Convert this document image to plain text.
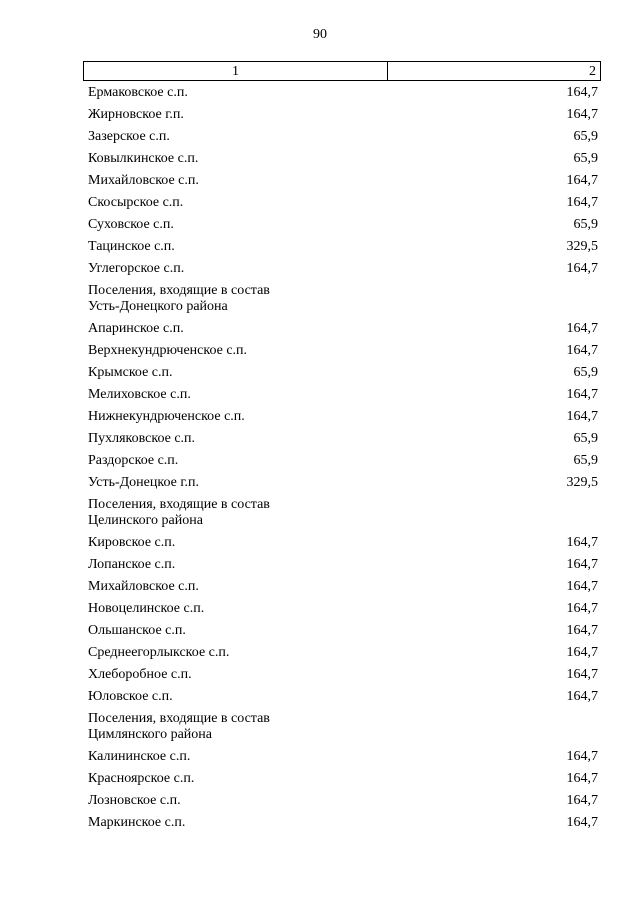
90
1	2
Ермаковское с.п.	164,7
Жирновское г.п.	164,7
Зазерское с.п.	65,9
Ковылкинское с.п.	65,9
Михайловское с.п.	164,7
Скосырское с.п.	164,7
Суховское с.п.	65,9
Тацинское с.п.	329,5
Углегорское с.п.	164,7
Поселения, входящие в состав
Усть-Донецкого района
Апаринское с.п.	164,7
Верхнекундрюченское с.п.	164,7
Крымское с.п.	65,9
Мелиховское с.п.	164,7
Нижнекундрюченское с.п.	164,7
Пухляковское с.п.	65,9
Раздорское с.п.	65,9
Усть-Донецкое г.п.	329,5
Поселения, входящие в состав
Целинского района
Кировское с.п.	164,7
Лопанское с.п.	164,7
Михайловское с.п.	164,7
Новоцелинское с.п.	164,7
Ольшанское с.п.	164,7
Среднеегорлыкское с.п.	164,7
Хлеборобное с.п.	164,7
Юловское с.п.	164,7
Поселения, входящие в состав
Цимлянского района
Калининское с.п.	164,7
Красноярское с.п.	164,7
Лозновское с.п.	164,7
Маркинское с.п.	164,7
